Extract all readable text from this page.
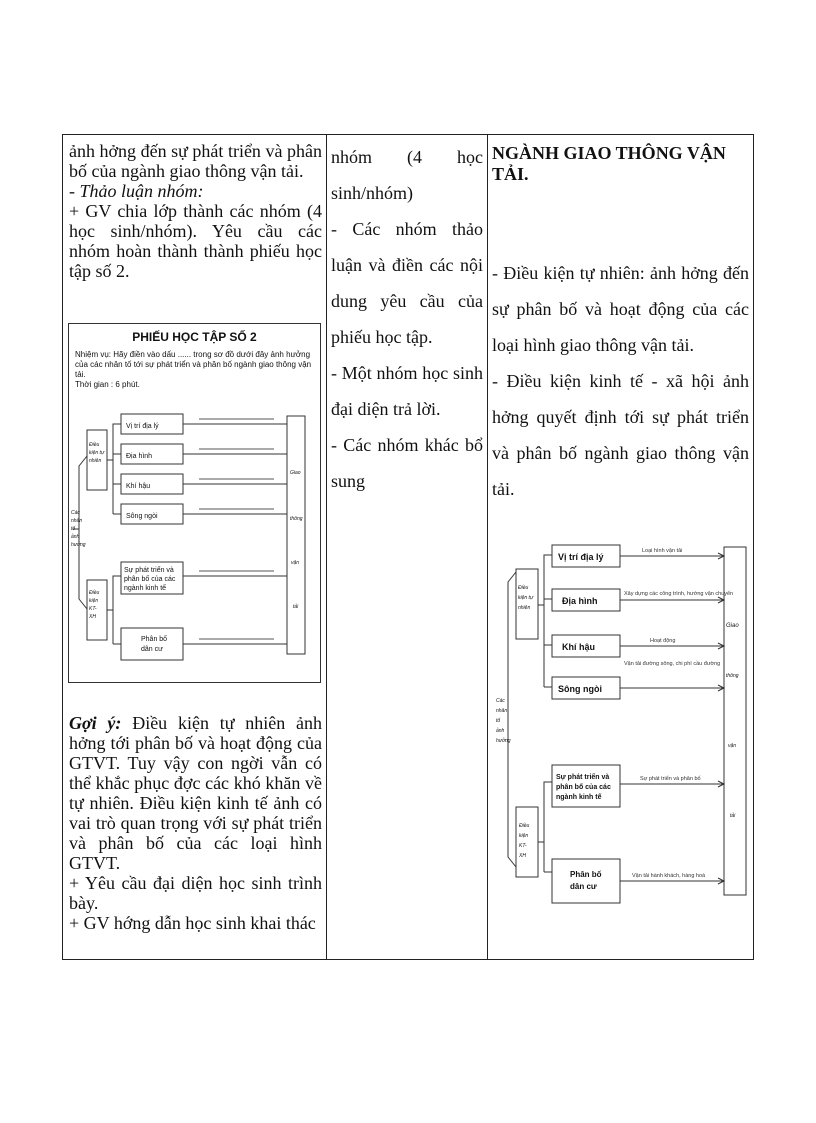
ảnh hởng đến sự phát triển và phân bố của ngành giao thông vận tải.

- Thảo luận nhóm:

+ GV chia lớp thành các nhóm (4 học sinh/nhóm). Yêu cầu các nhóm hoàn thành thành phiếu học tập số 2.

PHIẾU HỌC TẬP SỐ 2
Nhiệm vụ: Hãy điền vào dấu ...... trong sơ đồ dưới đây ảnh hưởng của các nhân tố tới sự phát triển và phân bố ngành giao thông vận tải.
Thời gian : 6 phút.
Vị trí địa lý
Địa hình
Khí hậu
Sông ngòi
Sự phát triển và
phân bố của các
ngành kinh tế
Phân bố
dân cư
Điều
kiện tự
nhiên
Điều
kiện
KT-
XH
Các
nhân
tố
ảnh
hưởng
Giao
thông
vận
tải

Gợi ý: Điều kiện tự nhiên ảnh hởng tới phân bố và hoạt động của GTVT. Tuy vậy con ngời vẫn có thể khắc phục đợc các khó khăn về tự nhiên. Điều kiện kinh tế ảnh có vai trò quan trọng với sự phát triển và phân bố của các loại hình GTVT.

+ Yêu cầu đại diện học sinh trình bày.

+ GV hớng dẫn học sinh khai thác

nhóm (4 học sinh/nhóm)

- Các nhóm thảo luận và điền các nội dung yêu cầu của phiếu học tập.

- Một nhóm học sinh đại diện trả lời.

- Các nhóm khác bổ sung

NGÀNH GIAO THÔNG VẬN TẢI.

- Điều kiện tự nhiên: ảnh hởng đến sự phân bố và hoạt động của các loại hình giao thông vận tải.

- Điều kiện kinh tế - xã hội ảnh hởng quyết định tới sự phát triển và phân bố ngành giao thông vận tải.

Vị trí địa lý
Địa hình
Khí hậu
Sông ngòi
Sự phát triển và
phân bố của các
ngành kinh tế
Phân bố
dân cư
Loại hình vận tải
Xây dựng các công trình, hướng vận chuyển
Hoạt động
Vận tải đường sông, chi phí cầu đường
Sự phát triển và phân bố
Vận tải hành khách, hàng hoá
Điều
kiện tự
nhiên
Điều
kiện
KT-
XH
Các
nhân
tố
ảnh
hưởng
Giao
thông
vận
tải
